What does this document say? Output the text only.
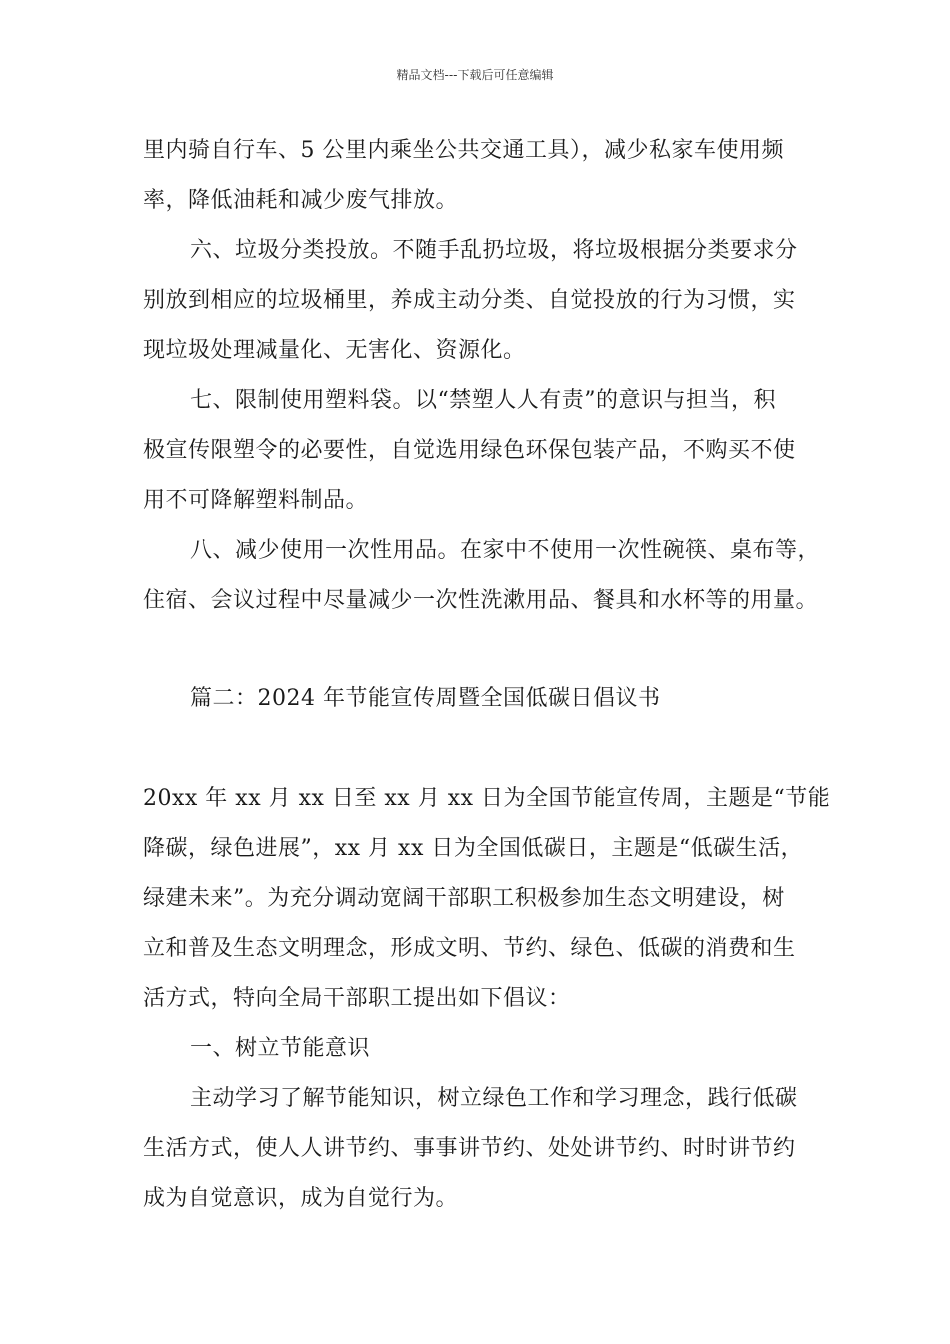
精品文档---下载后可任意编辑
里内骑自行车、5 公里内乘坐公共交通工具），减少私家车使用频
率，降低油耗和减少废气排放。
六、垃圾分类投放。不随手乱扔垃圾，将垃圾根据分类要求分
别放到相应的垃圾桶里，养成主动分类、自觉投放的行为习惯，实
现垃圾处理减量化、无害化、资源化。
七、限制使用塑料袋。以“禁塑人人有责”的意识与担当，积
极宣传限塑令的必要性，自觉选用绿色环保包装产品，不购买不使
用不可降解塑料制品。
八、减少使用一次性用品。在家中不使用一次性碗筷、桌布等，
住宿、会议过程中尽量减少一次性洗漱用品、餐具和水杯等的用量。
篇二：2024 年节能宣传周暨全国低碳日倡议书
20xx 年 xx 月 xx 日至 xx 月 xx 日为全国节能宣传周，主题是“节能
降碳，绿色进展”，xx 月 xx 日为全国低碳日，主题是“低碳生活，
绿建未来”。为充分调动宽阔干部职工积极参加生态文明建设，树
立和普及生态文明理念，形成文明、节约、绿色、低碳的消费和生
活方式，特向全局干部职工提出如下倡议：
一、树立节能意识
主动学习了解节能知识，树立绿色工作和学习理念，践行低碳
生活方式，使人人讲节约、事事讲节约、处处讲节约、时时讲节约
成为自觉意识，成为自觉行为。
